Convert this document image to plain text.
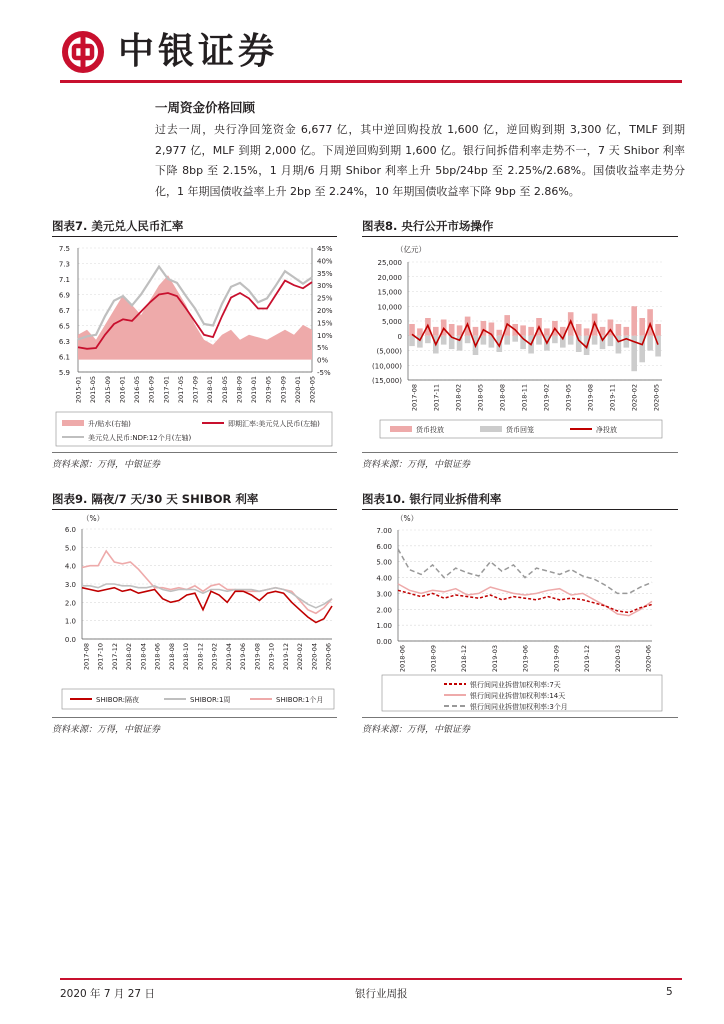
中银证券
一周资金价格回顾
过去一周，央行净回笼资金 6,677 亿，其中逆回购投放 1,600 亿，逆回购到期 3,300 亿，TMLF 到期 2,977 亿，MLF 到期 2,000 亿。下周逆回购到期 1,600 亿。银行间拆借利率走势不一，7 天 Shibor 利率下降 8bp 至 2.15%，1 月期/6 月期 Shibor 利率上升 5bp/24bp 至 2.25%/2.68%。国债收益率走势分化，1 年期国债收益率上升 2bp 至 2.24%，10 年期国债收益率下降 9bp 至 2.86%。
图表7. 美元兑人民币汇率	图表8. 央行公开市场操作
资料来源：万得，中银证券	资料来源：万得，中银证券
图表9. 隔夜/7 天/30 天 SHIBOR 利率	图表10. 银行同业拆借利率
资料来源：万得，中银证券	资料来源：万得，中银证券
7.5
7.3
7.1
6.9
6.7
6.5
6.3
6.1
5.9
45%
40%
35%
30%
25%
20%
15%
10%
5%
0%
-5%
2015-01 2015-05 2015-09 2016-01 2016-05 2016-09 2017-01 2017-05 2017-09 2018-01 2018-05 2018-09 2019-01 2019-05 2019-09 2020-01 2020-05
升/贴水(右轴)	即期汇率:美元兑人民币(左轴)
美元兑人民币:NDF:12个月(左轴)
（亿元）
25,000
20,000
15,000
10,000
5,000
0
(5,000)
(10,000)
(15,000)
2017-08 2017-11 2018-02 2018-05 2018-08 2018-11 2019-02 2019-05 2019-08 2019-11 2020-02 2020-05
货币投放	货币回笼	净投放
（%）
6.0
5.0
4.0
3.0
2.0
1.0
0.0
2017-08 2017-10 2017-12 2018-02 2018-04 2018-06 2018-08 2018-10 2018-12 2019-02 2019-04 2019-06 2019-08 2019-10 2019-12 2020-02 2020-04 2020-06
SHIBOR:隔夜	SHIBOR:1周	SHIBOR:1个月
（%）
7.00
6.00
5.00
4.00
3.00
2.00
1.00
0.00
2018-06	2018-09	2018-12	2019-03	2019-06	2019-09	2019-12	2020-03	2020-06
银行间同业拆借加权利率:7天
银行间同业拆借加权利率:14天
银行间同业拆借加权利率:3个月
2020 年 7 月 27 日	银行业周报	5
